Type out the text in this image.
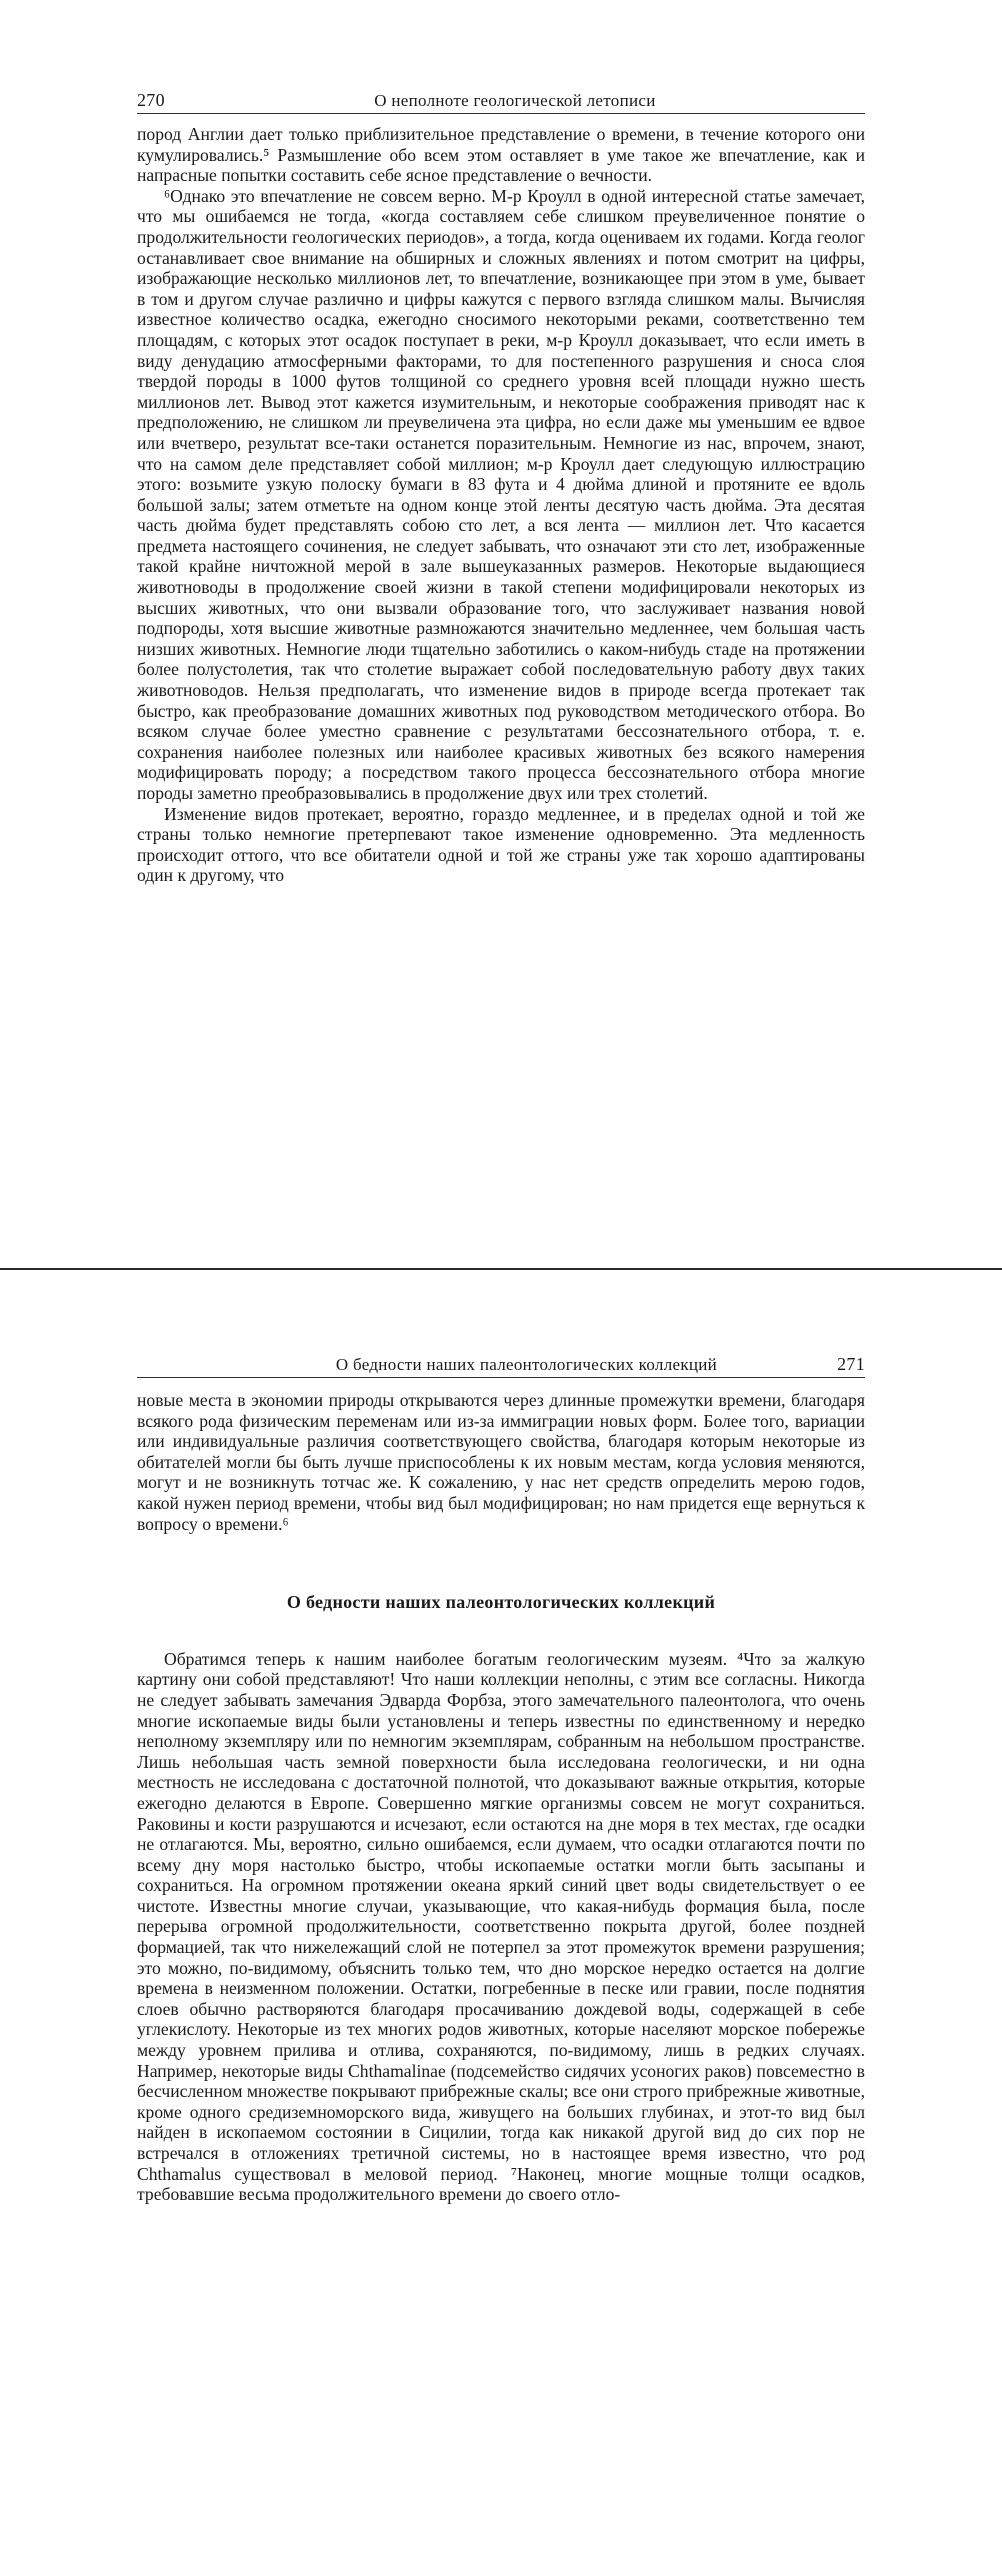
270	О неполноте геологической летописи

пород Англии дает только приблизительное представление о времени, в течение которого они кумулировались.⁵ Размышление обо всем этом оставляет в уме такое же впечатление, как и напрасные попытки составить себе ясное представление о вечности.

⁶Однако это впечатление не совсем верно. М-р Кроулл в одной интересной статье замечает, что мы ошибаемся не тогда, «когда составляем себе слишком преувеличенное понятие о продолжительности геологических периодов», а тогда, когда оцениваем их годами. Когда геолог останавливает свое внимание на обширных и сложных явлениях и потом смотрит на цифры, изображающие несколько миллионов лет, то впечатление, возникающее при этом в уме, бывает в том и другом случае различно и цифры кажутся с первого взгляда слишком малы. Вычисляя известное количество осадка, ежегодно сносимого некоторыми реками, соответственно тем площадям, с которых этот осадок поступает в реки, м-р Кроулл доказывает, что если иметь в виду денудацию атмосферными факторами, то для постепенного разрушения и сноса слоя твердой породы в 1000 футов толщиной со среднего уровня всей площади нужно шесть миллионов лет. Вывод этот кажется изумительным, и некоторые соображения приводят нас к предположению, не слишком ли преувеличена эта цифра, но если даже мы уменьшим ее вдвое или вчетверо, результат все-таки останется поразительным. Немногие из нас, впрочем, знают, что на самом деле представляет собой миллион; м-р Кроулл дает следующую иллюстрацию этого: возьмите узкую полоску бумаги в 83 фута и 4 дюйма длиной и протяните ее вдоль большой залы; затем отметьте на одном конце этой ленты десятую часть дюйма. Эта десятая часть дюйма будет представлять собою сто лет, а вся лента — миллион лет. Что касается предмета настоящего сочинения, не следует забывать, что означают эти сто лет, изображенные такой крайне ничтожной мерой в зале вышеуказанных размеров. Некоторые выдающиеся животноводы в продолжение своей жизни в такой степени модифицировали некоторых из высших животных, что они вызвали образование того, что заслуживает названия новой подпороды, хотя высшие животные размножаются значительно медленнее, чем большая часть низших животных. Немногие люди тщательно заботились о каком-нибудь стаде на протяжении более полустолетия, так что столетие выражает собой последовательную работу двух таких животноводов. Нельзя предполагать, что изменение видов в природе всегда протекает так быстро, как преобразование домашних животных под руководством методического отбора. Во всяком случае более уместно сравнение с результатами бессознательного отбора, т. е. сохранения наиболее полезных или наиболее красивых животных без всякого намерения модифицировать породу; а посредством такого процесса бессознательного отбора многие породы заметно преобразовывались в продолжение двух или трех столетий.

Изменение видов протекает, вероятно, гораздо медленнее, и в пределах одной и той же страны только немногие претерпевают такое изменение одновременно. Эта медленность происходит оттого, что все обитатели одной и той же страны уже так хорошо адаптированы один к другому, что

О бедности наших палеонтологических коллекций	271

новые места в экономии природы открываются через длинные промежутки времени, благодаря всякого рода физическим переменам или из-за иммиграции новых форм. Более того, вариации или индивидуальные различия соответствующего свойства, благодаря которым некоторые из обитателей могли бы быть лучше приспособлены к их новым местам, когда условия меняются, могут и не возникнуть тотчас же. К сожалению, у нас нет средств определить мерою годов, какой нужен период времени, чтобы вид был модифицирован; но нам придется еще вернуться к вопросу о времени.⁶

О бедности наших палеонтологических коллекций

Обратимся теперь к нашим наиболее богатым геологическим музеям. ⁴Что за жалкую картину они собой представляют! Что наши коллекции неполны, с этим все согласны. Никогда не следует забывать замечания Эдварда Форбза, этого замечательного палеонтолога, что очень многие ископаемые виды были установлены и теперь известны по единственному и нередко неполному экземпляру или по немногим экземплярам, собранным на небольшом пространстве. Лишь небольшая часть земной поверхности была исследована геологически, и ни одна местность не исследована с достаточной полнотой, что доказывают важные открытия, которые ежегодно делаются в Европе. Совершенно мягкие организмы совсем не могут сохраниться. Раковины и кости разрушаются и исчезают, если остаются на дне моря в тех местах, где осадки не отлагаются. Мы, вероятно, сильно ошибаемся, если думаем, что осадки отлагаются почти по всему дну моря настолько быстро, чтобы ископаемые остатки могли быть засыпаны и сохраниться. На огромном протяжении океана яркий синий цвет воды свидетельствует о ее чистоте. Известны многие случаи, указывающие, что какая-нибудь формация была, после перерыва огромной продолжительности, соответственно покрыта другой, более поздней формацией, так что нижележащий слой не потерпел за этот промежуток времени разрушения; это можно, по-видимому, объяснить только тем, что дно морское нередко остается на долгие времена в неизменном положении. Остатки, погребенные в песке или гравии, после поднятия слоев обычно растворяются благодаря просачиванию дождевой воды, содержащей в себе углекислоту. Некоторые из тех многих родов животных, которые населяют морское побережье между уровнем прилива и отлива, сохраняются, по-видимому, лишь в редких случаях. Например, некоторые виды Chthamalinae (подсемейство сидячих усоногих раков) повсеместно в бесчисленном множестве покрывают прибрежные скалы; все они строго прибрежные животные, кроме одного средиземноморского вида, живущего на больших глубинах, и этот-то вид был найден в ископаемом состоянии в Сицилии, тогда как никакой другой вид до сих пор не встречался в отложениях третичной системы, но в настоящее время известно, что род Chthamalus существовал в меловой период. ⁷Наконец, многие мощные толщи осадков, требовавшие весьма продолжительного времени до своего отло-
